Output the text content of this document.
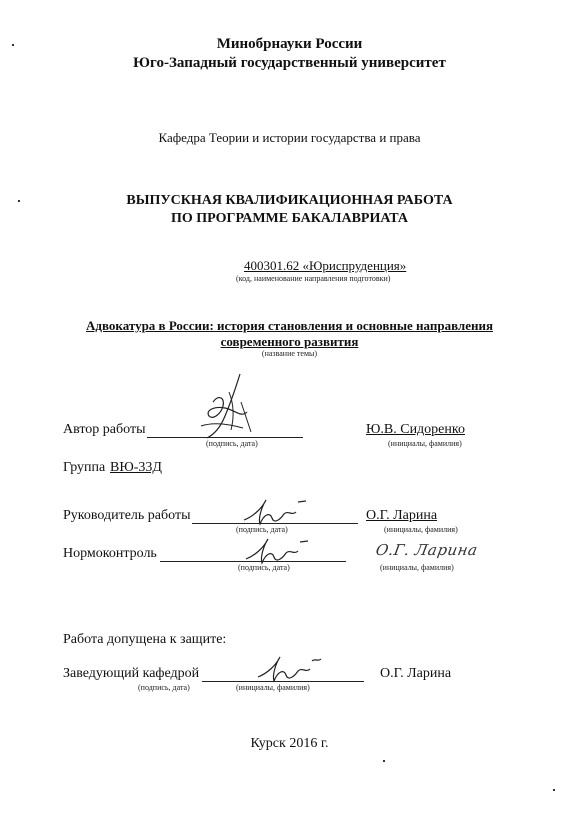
Минобрнауки России
Юго-Западный государственный университет
Кафедра Теории и истории государства и права
ВЫПУСКНАЯ КВАЛИФИКАЦИОННАЯ РАБОТА
ПО ПРОГРАММЕ БАКАЛАВРИАТА
400301.62 «Юриспруденция»
(код, наименование направления подготовки)
Адвокатура в России: история становления и основные направления
современного развития
(название темы)
Автор работы
(подпись, дата)
Ю.В. Сидоренко
(инициалы, фамилия)
Группа ВЮ-33Д
Руководитель работы
(подпись, дата)
О.Г. Ларина
(инициалы, фамилия)
Нормоконтроль
(подпись, дата)
О.Г. Ларина
(инициалы, фамилия)
Работа допущена к защите:
Заведующий кафедрой
(подпись, дата)	(инициалы, фамилия)
О.Г. Ларина
Курск 2016 г.
